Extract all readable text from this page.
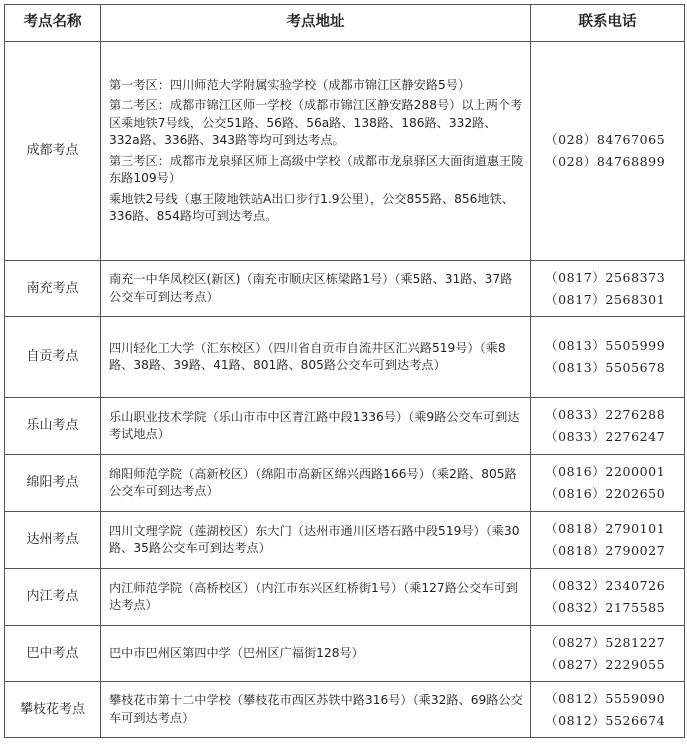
考点名称	考点地址	联系电话
成都考点	第一考区：四川师范大学附属实验学校（成都市锦江区静安路5号）
第二考区：成都市锦江区师一学校（成都市锦江区静安路288号）以上两个考区乘地铁7号线，公交51路、56路、56a路、138路、186路、332路、332a路、336路、343路等均可到达考点。
第三考区：成都市龙泉驿区师上高级中学校（成都市龙泉驿区大面街道惠王陵东路109号）
乘地铁2号线（惠王陵地铁站A出口步行1.9公里），公交855路、856地铁、336路、854路均可到达考点。	（028）84767065
（028）84768899

南充考点	南充一中华凤校区(新区)（南充市顺庆区栋梁路1号）（乘5路、31路、37路公交车可到达考点）	（0817）2568373
（0817）2568301

自贡考点	四川轻化工大学（汇东校区）（四川省自贡市自流井区汇兴路519号）（乘8路、38路、39路、41路、801路、805路公交车可到达考点）	（0813）5505999
（0813）5505678

乐山考点	乐山职业技术学院（乐山市市中区青江路中段1336号）（乘9路公交车可到达考试地点）	（0833）2276288
（0833）2276247

绵阳考点	绵阳师范学院（高新校区）（绵阳市高新区绵兴西路166号）（乘2路、805路公交车可到达考点）	（0816）2200001
（0816）2202650

达州考点	四川文理学院（莲湖校区）东大门（达州市通川区塔石路中段519号）（乘30路、35路公交车可到达考点）	（0818）2790101
（0818）2790027

内江考点	内江师范学院（高桥校区）（内江市东兴区红桥街1号）（乘127路公交车可到达考点）	（0832）2340726
（0832）2175585

巴中考点	巴中市巴州区第四中学（巴州区广福街128号）	（0827）5281227
（0827）2229055

攀枝花考点	攀枝花市第十二中学校（攀枝花市西区苏铁中路316号）（乘32路、69路公交车可到达考点）	（0812）5559090
（0812）5526674
